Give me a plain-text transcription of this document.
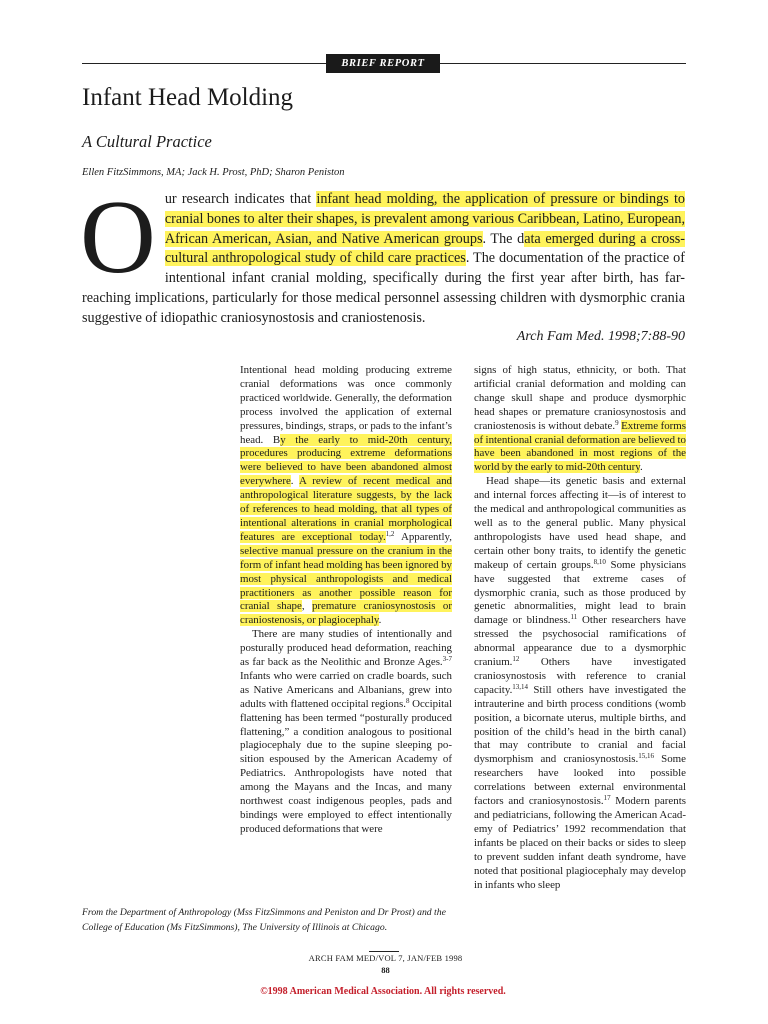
BRIEF REPORT
Infant Head Molding
A Cultural Practice
Ellen FitzSimmons, MA; Jack H. Prost, PhD; Sharon Peniston
O
ur research indicates that infant head molding, the application of pressure or bindings to cranial bones to alter their shapes, is prevalent among various Caribbean, Latino, European, African American, Asian, and Native American groups. The data emerged during a cross-cultural anthropological study of child care practices. The documentation of the practice of intentional infant cranial molding, specifically during the first year after birth, has far-reaching implications, particularly for those medical personnel assessing children with dysmorphic crania suggestive of idiopathic craniosynostosis and craniostenosis.
Arch Fam Med. 1998;7:88-90

Intentional head molding producing extreme cranial deformations was once commonly practiced worldwide. Generally, the deformation process involved the application of external pressures, bindings, straps, or pads to the infant’s head. By the early to mid-20th century, procedures producing extreme deformations were believed to have been abandoned almost everywhere. A review of recent medical and anthropological literature suggests, by the lack of references to head molding, that all types of intentional alterations in cranial morphological features are exceptional today.$^{1,2}$ Apparently, selective manual pressure on the cranium in the form of infant head molding has been ignored by most physical anthropologists and medical practitioners as another possible reason for cranial shape, premature craniosynostosis or craniostenosis, or plagiocephaly.

There are many studies of intentionally and posturally produced head deformation, reaching as far back as the Neolithic and Bronze Ages.$^{3-7}$ Infants who were carried on cradle boards, such as Native Americans and Albanians, grew into adults with flattened occipital regions.$^8$ Occipital flattening has been termed “posturally produced flattening,” a condition analogous to positional plagiocephaly due to the supine sleeping position espoused by the American Academy of Pediatrics. Anthropologists have noted that among the Mayans and the Incas, and many northwest coast indigenous peoples, pads and bindings were employed to effect intentionally produced deformations that were

signs of high status, ethnicity, or both. That artificial cranial deformation and molding can change skull shape and produce dysmorphic head shapes or premature craniosynostosis and craniostenosis is without debate.$^9$ Extreme forms of intentional cranial deformation are believed to have been abandoned in most regions of the world by the early to mid-20th century.

Head shape—its genetic basis and external and internal forces affecting it—is of interest to the medical and anthropological communities as well as to the general public. Many physical anthropologists have used head shape, and certain other bony traits, to identify the genetic makeup of certain groups.$^{8,10}$ Some physicians have suggested that extreme cases of dysmorphic crania, such as those produced by genetic abnormalities, might lead to brain damage or blindness.$^{11}$ Other researchers have stressed the psychosocial ramifications of abnormal appearance due to a dysmorphic cranium.$^{12}$ Others have investigated craniosynostosis with reference to cranial capacity.$^{13,14}$ Still others have investigated the intrauterine and birth process conditions (womb position, a bicornate uterus, multiple births, and position of the child’s head in the birth canal) that may contribute to cranial and facial dysmorphism and craniosynostosis.$^{15,16}$ Some researchers have looked into possible correlations between external environmental factors and craniosynostosis.$^{17}$ Modern parents and pediatricians, following the American Academy of Pediatrics’ 1992 recommendation that infants be placed on their backs or sides to sleep to prevent sudden infant death syndrome, have noted that positional plagiocephaly may develop in infants who sleep

From the Department of Anthropology (Mss FitzSimmons and Peniston and Dr Prost) and the College of Education (Ms FitzSimmons), The University of Illinois at Chicago.
ARCH FAM MED/VOL 7, JAN/FEB 1998
88
©1998 American Medical Association. All rights reserved.
